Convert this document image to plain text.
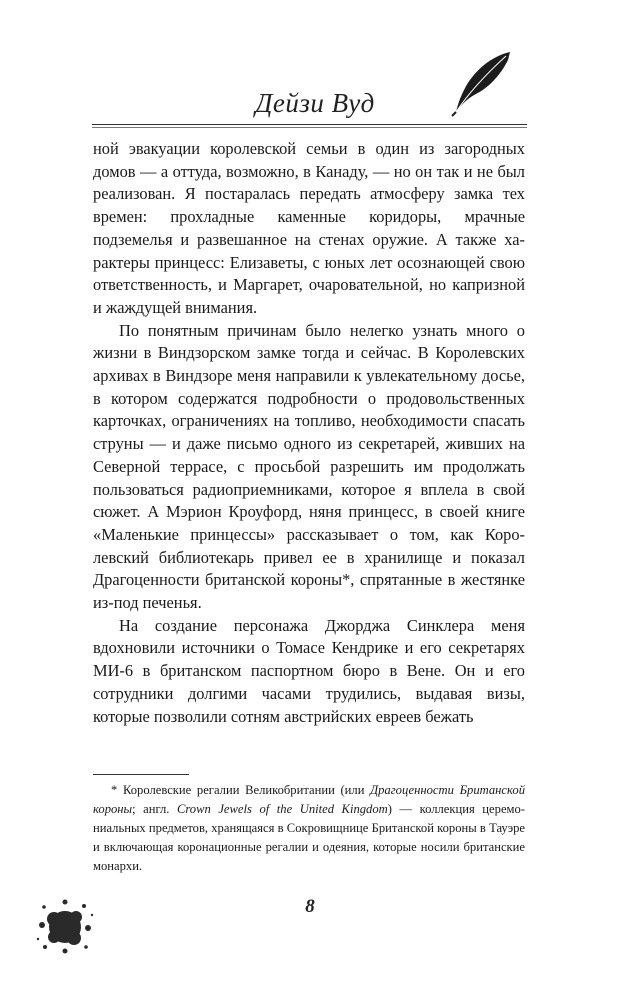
Дейзи Вуд

ной эвакуации королевской семьи в один из загородных домов — а оттуда, возможно, в Канаду, — но он так и не был реализован. Я постаралась передать атмосферу замка тех времен: прохладные каменные коридоры, мрачные подземелья и развешанное на стенах оружие. А также характеры принцесс: Елизаветы, с юных лет осознающей свою ответственность, и Маргарет, очаровательной, но капризной и жаждущей внимания.

По понятным причинам было нелегко узнать много о жизни в Виндзорском замке тогда и сейчас. В Королевских архивах в Виндзоре меня направили к увлекательному досье, в котором содержатся подробности о продовольственных карточках, ограничениях на топливо, необходимости спасать струны — и даже письмо одного из секретарей, живших на Северной террасе, с просьбой разрешить им продолжать пользоваться радиоприемниками, которое я вплела в свой сюжет. А Мэрион Кроуфорд, няня принцесс, в своей книге «Маленькие принцессы» рассказывает о том, как Королевский библиотекарь привел ее в хранилище и показал Драгоценности британской короны*, спрятанные в жестянке из-под печенья.

На создание персонажа Джорджа Синклера меня вдохновили источники о Томасе Кендрике и его секретарях МИ-6 в британском паспортном бюро в Вене. Он и его сотрудники долгими часами трудились, выдавая визы, которые позволили сотням австрийских евреев бежать

* Королевские регалии Великобритании (или Драгоценности Британской короны; англ. Crown Jewels of the United Kingdom) — коллекция церемониальных предметов, хранящаяся в Сокровищнице Британской короны в Тауэре и включающая коронационные регалии и одеяния, которые носили британские монархи.
8
